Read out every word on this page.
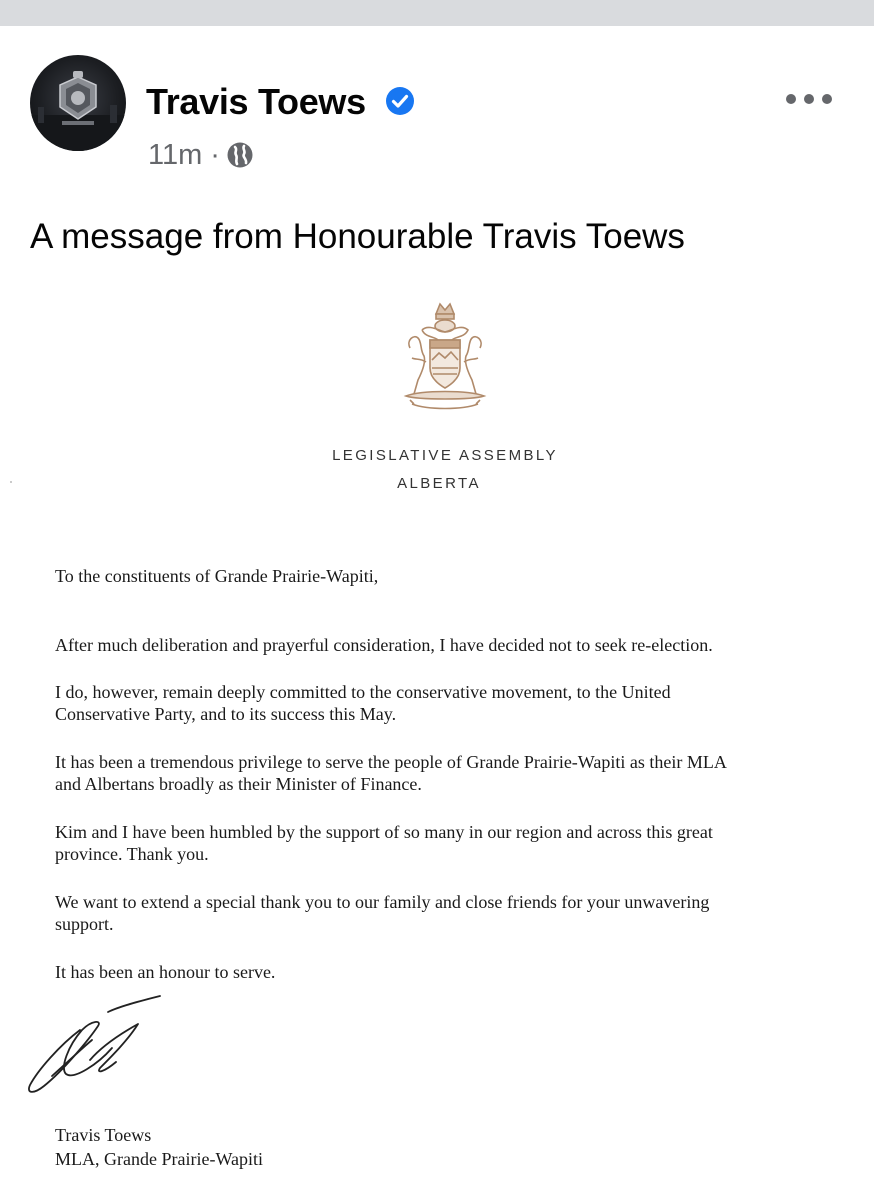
Travis Toews
11m ·
A message from Honourable Travis Toews
LEGISLATIVE ASSEMBLY
ALBERTA
To the constituents of Grande Prairie-Wapiti,
After much deliberation and prayerful consideration, I have decided not to seek re-election.
I do, however, remain deeply committed to the conservative movement, to the United
Conservative Party, and to its success this May.
It has been a tremendous privilege to serve the people of Grande Prairie-Wapiti as their MLA
and Albertans broadly as their Minister of Finance.
Kim and I have been humbled by the support of so many in our region and across this great
province. Thank you.
We want to extend a special thank you to our family and close friends for your unwavering
support.
It has been an honour to serve.
Travis Toews
MLA, Grande Prairie-Wapiti
